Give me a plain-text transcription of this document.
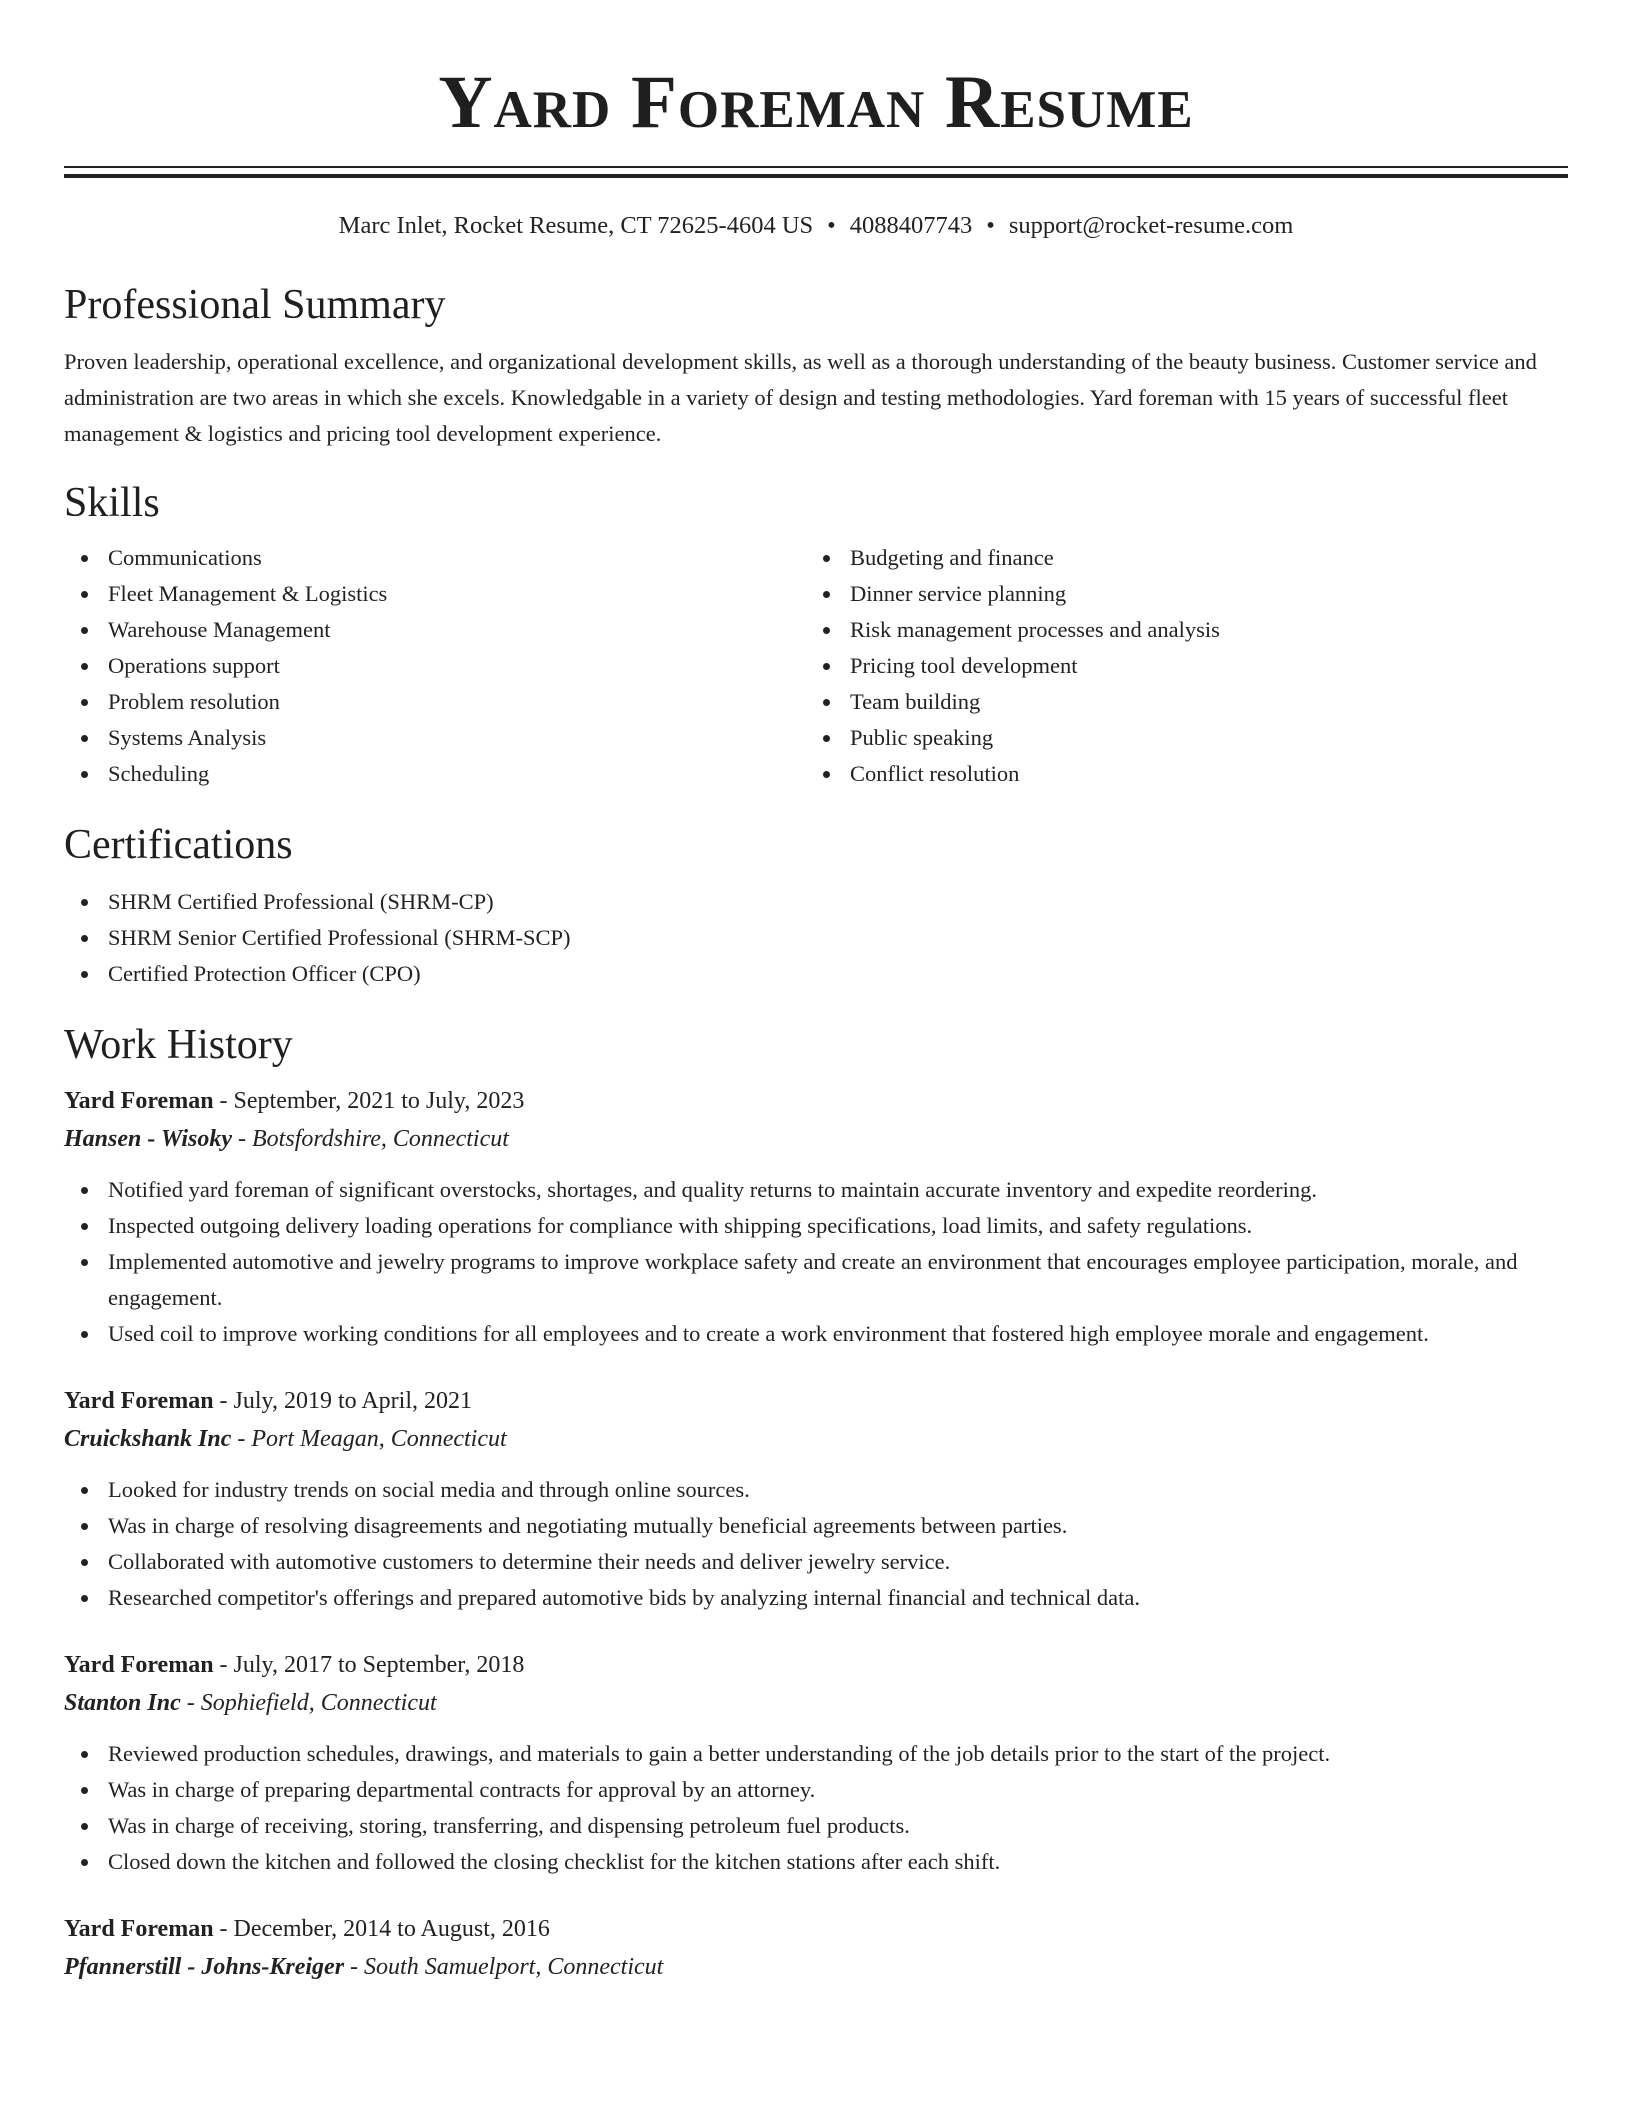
Yard Foreman Resume
Marc Inlet, Rocket Resume, CT 72625-4604 US • 4088407743 • support@rocket-resume.com
Professional Summary

Proven leadership, operational excellence, and organizational development skills, as well as a thorough understanding of the beauty business. Customer service and administration are two areas in which she excels. Knowledgable in a variety of design and testing methodologies. Yard foreman with 15 years of successful fleet management & logistics and pricing tool development experience.

Skills
Communications
Fleet Management & Logistics
Warehouse Management
Operations support
Problem resolution
Systems Analysis
Scheduling
Budgeting and finance
Dinner service planning
Risk management processes and analysis
Pricing tool development
Team building
Public speaking
Conflict resolution
Certifications
SHRM Certified Professional (SHRM-CP)
SHRM Senior Certified Professional (SHRM-SCP)
Certified Protection Officer (CPO)
Work History
Yard Foreman - September, 2021 to July, 2023
Hansen - Wisoky - Botsfordshire, Connecticut
Notified yard foreman of significant overstocks, shortages, and quality returns to maintain accurate inventory and expedite reordering.
Inspected outgoing delivery loading operations for compliance with shipping specifications, load limits, and safety regulations.
Implemented automotive and jewelry programs to improve workplace safety and create an environment that encourages employee participation, morale, and engagement.
Used coil to improve working conditions for all employees and to create a work environment that fostered high employee morale and engagement.
Yard Foreman - July, 2019 to April, 2021
Cruickshank Inc - Port Meagan, Connecticut
Looked for industry trends on social media and through online sources.
Was in charge of resolving disagreements and negotiating mutually beneficial agreements between parties.
Collaborated with automotive customers to determine their needs and deliver jewelry service.
Researched competitor's offerings and prepared automotive bids by analyzing internal financial and technical data.
Yard Foreman - July, 2017 to September, 2018
Stanton Inc - Sophiefield, Connecticut
Reviewed production schedules, drawings, and materials to gain a better understanding of the job details prior to the start of the project.
Was in charge of preparing departmental contracts for approval by an attorney.
Was in charge of receiving, storing, transferring, and dispensing petroleum fuel products.
Closed down the kitchen and followed the closing checklist for the kitchen stations after each shift.
Yard Foreman - December, 2014 to August, 2016
Pfannerstill - Johns-Kreiger - South Samuelport, Connecticut
